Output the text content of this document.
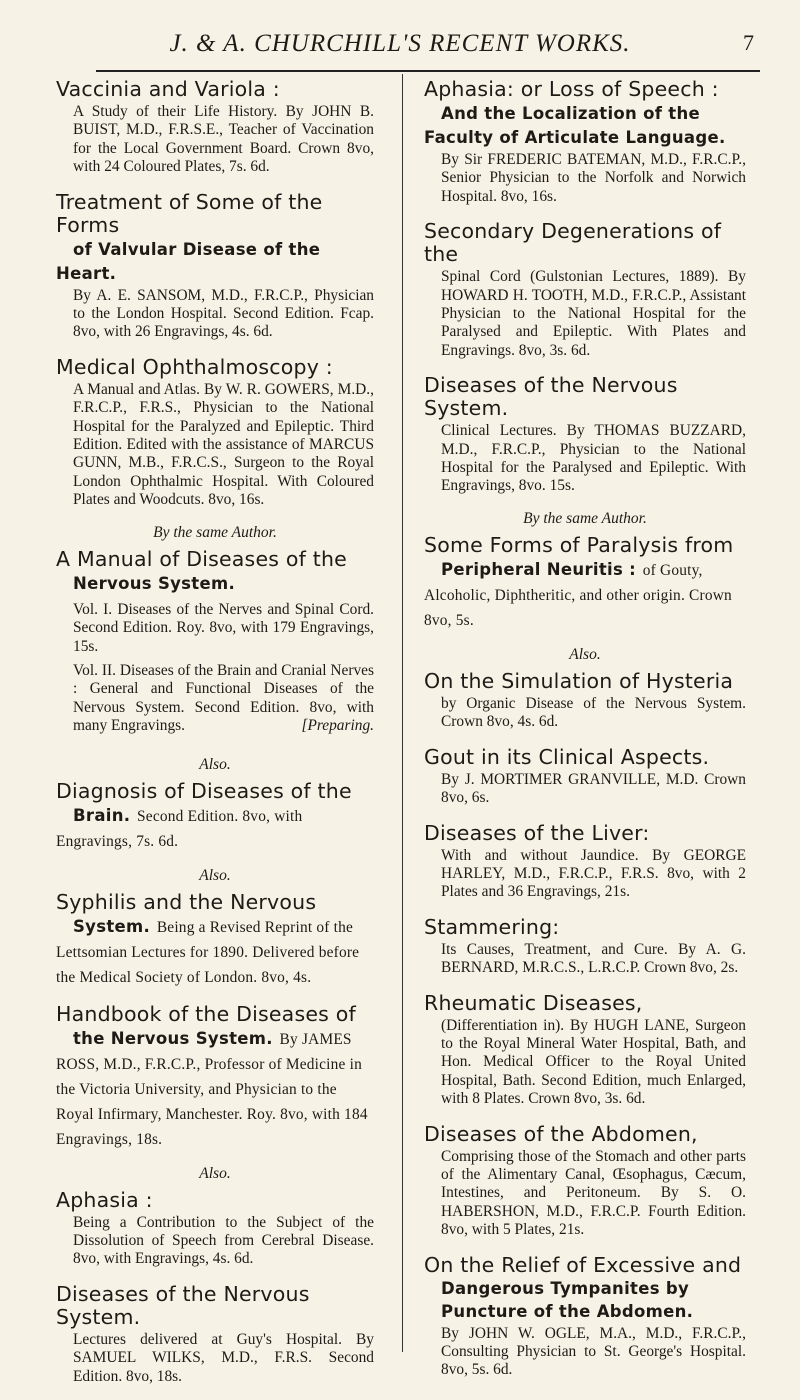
J. & A. CHURCHILL'S RECENT WORKS.	7
Vaccinia and Variola :

A Study of their Life History. By JOHN B. BUIST, M.D., F.R.S.E., Teacher of Vaccination for the Local Government Board. Crown 8vo, with 24 Coloured Plates, 7s. 6d.

Treatment of Some of the Forms
of Valvular Disease of the Heart.

By A. E. SANSOM, M.D., F.R.C.P., Physician to the London Hospital. Second Edition. Fcap. 8vo, with 26 Engravings, 4s. 6d.

Medical Ophthalmoscopy :

A Manual and Atlas. By W. R. GOWERS, M.D., F.R.C.P., F.R.S., Physician to the National Hospital for the Paralyzed and Epileptic. Third Edition. Edited with the assistance of MARCUS GUNN, M.B., F.R.C.S., Surgeon to the Royal London Ophthalmic Hospital. With Coloured Plates and Woodcuts. 8vo, 16s.

By the same Author.
A Manual of Diseases of the
Nervous System.

Vol. I. Diseases of the Nerves and Spinal Cord. Second Edition. Roy. 8vo, with 179 Engravings, 15s.

Vol. II. Diseases of the Brain and Cranial Nerves : General and Functional Diseases of the Nervous System. Second Edition. 8vo, with many Engravings.	[Preparing.

Also.
Diagnosis of Diseases of the
Brain. Second Edition. 8vo, with Engravings, 7s. 6d.
Also.
Syphilis and the Nervous
System. Being a Revised Reprint of the Lettsomian Lectures for 1890. Delivered before the Medical Society of London. 8vo, 4s.
Handbook of the Diseases of
the Nervous System. By JAMES ROSS, M.D., F.R.C.P., Professor of Medicine in the Victoria University, and Physician to the Royal Infirmary, Manchester. Roy. 8vo, with 184 Engravings, 18s.
Also.
Aphasia :

Being a Contribution to the Subject of the Dissolution of Speech from Cerebral Disease. 8vo, with Engravings, 4s. 6d.

Diseases of the Nervous System.

Lectures delivered at Guy's Hospital. By SAMUEL WILKS, M.D., F.R.S. Second Edition. 8vo, 18s.

Aphasia: or Loss of Speech :
And the Localization of the Faculty of Articulate Language.

By Sir FREDERIC BATEMAN, M.D., F.R.C.P., Senior Physician to the Norfolk and Norwich Hospital. 8vo, 16s.

Secondary Degenerations of the

Spinal Cord (Gulstonian Lectures, 1889). By HOWARD H. TOOTH, M.D., F.R.C.P., Assistant Physician to the National Hospital for the Paralysed and Epileptic. With Plates and Engravings. 8vo, 3s. 6d.

Diseases of the Nervous System.

Clinical Lectures. By THOMAS BUZZARD, M.D., F.R.C.P., Physician to the National Hospital for the Paralysed and Epileptic. With Engravings, 8vo. 15s.

By the same Author.
Some Forms of Paralysis from
Peripheral Neuritis : of Gouty, Alcoholic, Diphtheritic, and other origin. Crown 8vo, 5s.
Also.
On the Simulation of Hysteria

by Organic Disease of the Nervous System. Crown 8vo, 4s. 6d.

Gout in its Clinical Aspects.

By J. MORTIMER GRANVILLE, M.D. Crown 8vo, 6s.

Diseases of the Liver:

With and without Jaundice. By GEORGE HARLEY, M.D., F.R.C.P., F.R.S. 8vo, with 2 Plates and 36 Engravings, 21s.

Stammering:

Its Causes, Treatment, and Cure. By A. G. BERNARD, M.R.C.S., L.R.C.P. Crown 8vo, 2s.

Rheumatic Diseases,

(Differentiation in). By HUGH LANE, Surgeon to the Royal Mineral Water Hospital, Bath, and Hon. Medical Officer to the Royal United Hospital, Bath. Second Edition, much Enlarged, with 8 Plates. Crown 8vo, 3s. 6d.

Diseases of the Abdomen,

Comprising those of the Stomach and other parts of the Alimentary Canal, Œsophagus, Cæcum, Intestines, and Peritoneum. By S. O. HABERSHON, M.D., F.R.C.P. Fourth Edition. 8vo, with 5 Plates, 21s.

On the Relief of Excessive and
Dangerous Tympanites by Puncture of the Abdomen.

By JOHN W. OGLE, M.A., M.D., F.R.C.P., Consulting Physician to St. George's Hospital. 8vo, 5s. 6d.
